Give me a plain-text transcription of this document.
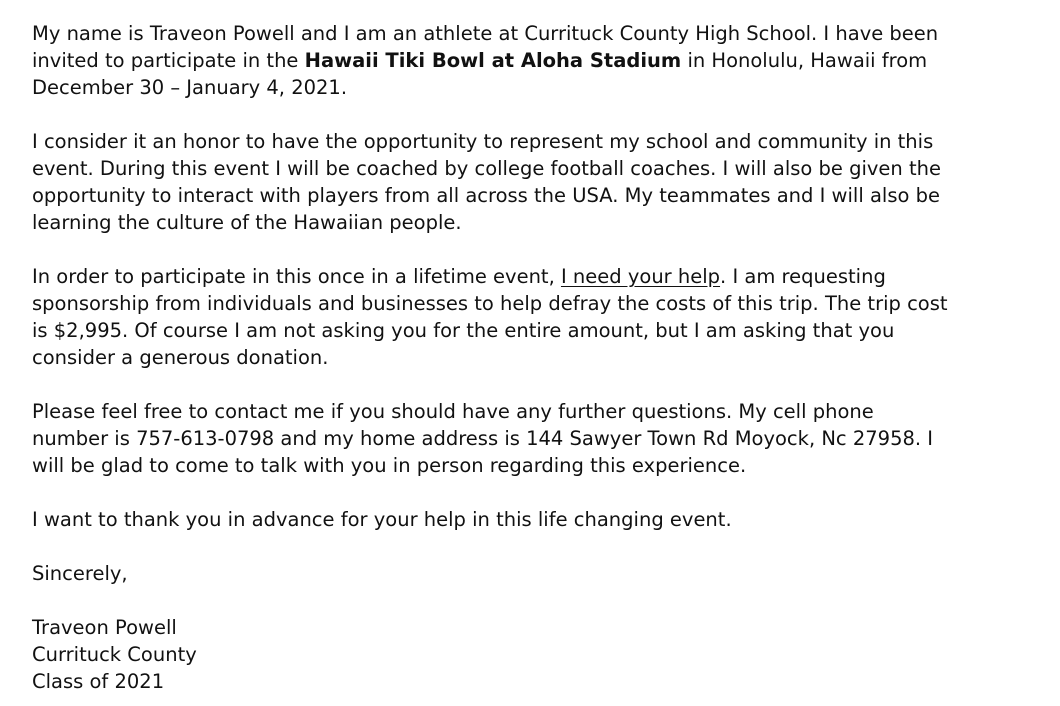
My name is Traveon Powell and I am an athlete at Currituck County High School. I have been
invited to participate in the Hawaii Tiki Bowl at Aloha Stadium in Honolulu, Hawaii from
December 30 – January 4, 2021.

I consider it an honor to have the opportunity to represent my school and community in this
event. During this event I will be coached by college football coaches. I will also be given the
opportunity to interact with players from all across the USA. My teammates and I will also be
learning the culture of the Hawaiian people.

In order to participate in this once in a lifetime event, I need your help. I am requesting
sponsorship from individuals and businesses to help defray the costs of this trip. The trip cost
is $2,995. Of course I am not asking you for the entire amount, but I am asking that you
consider a generous donation.

Please feel free to contact me if you should have any further questions. My cell phone
number is 757-613-0798 and my home address is 144 Sawyer Town Rd Moyock, Nc 27958. I
will be glad to come to talk with you in person regarding this experience.

I want to thank you in advance for your help in this life changing event.

Sincerely,

Traveon Powell
Currituck County
Class of 2021
